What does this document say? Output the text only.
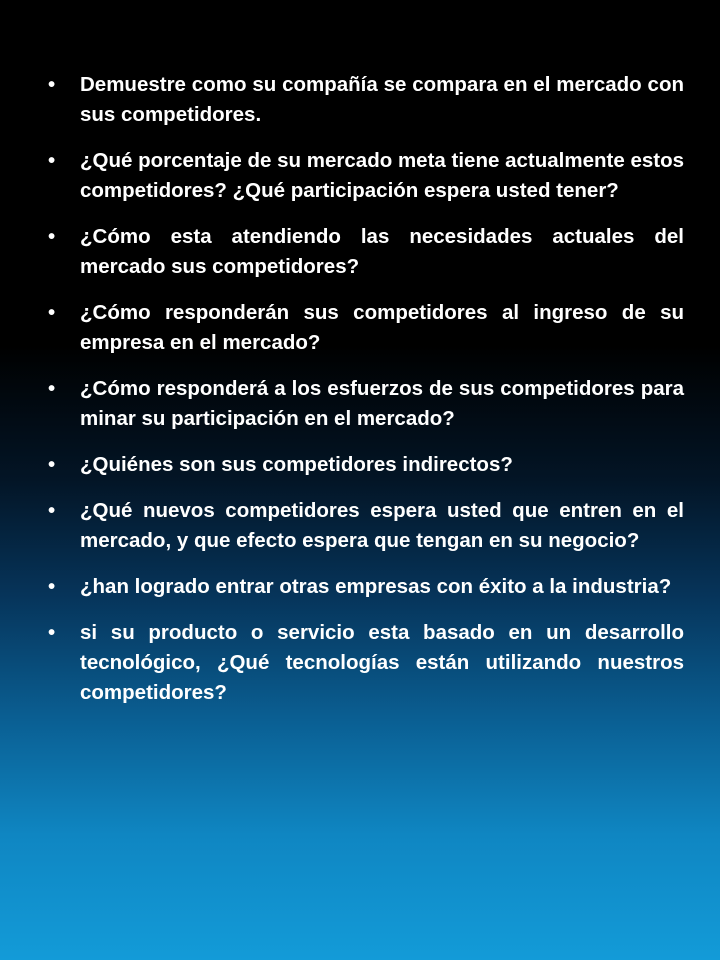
• Demuestre como su compañía se compara en el mercado con sus competidores.
• ¿Qué porcentaje de su mercado meta tiene actualmente estos competidores? ¿Qué participación espera usted tener?
• ¿Cómo esta atendiendo las necesidades actuales del mercado sus competidores?
• ¿Cómo responderán sus competidores al ingreso de su empresa en el mercado?
• ¿Cómo responderá a los esfuerzos de sus competidores para minar su participación en el mercado?
• ¿Quiénes son sus competidores indirectos?
• ¿Qué nuevos competidores espera usted que entren en el mercado, y que efecto espera que tengan en su negocio?
• ¿han logrado entrar otras empresas con éxito a la industria?
• si su producto o servicio esta basado en un desarrollo tecnológico, ¿Qué tecnologías están utilizando nuestros competidores?
